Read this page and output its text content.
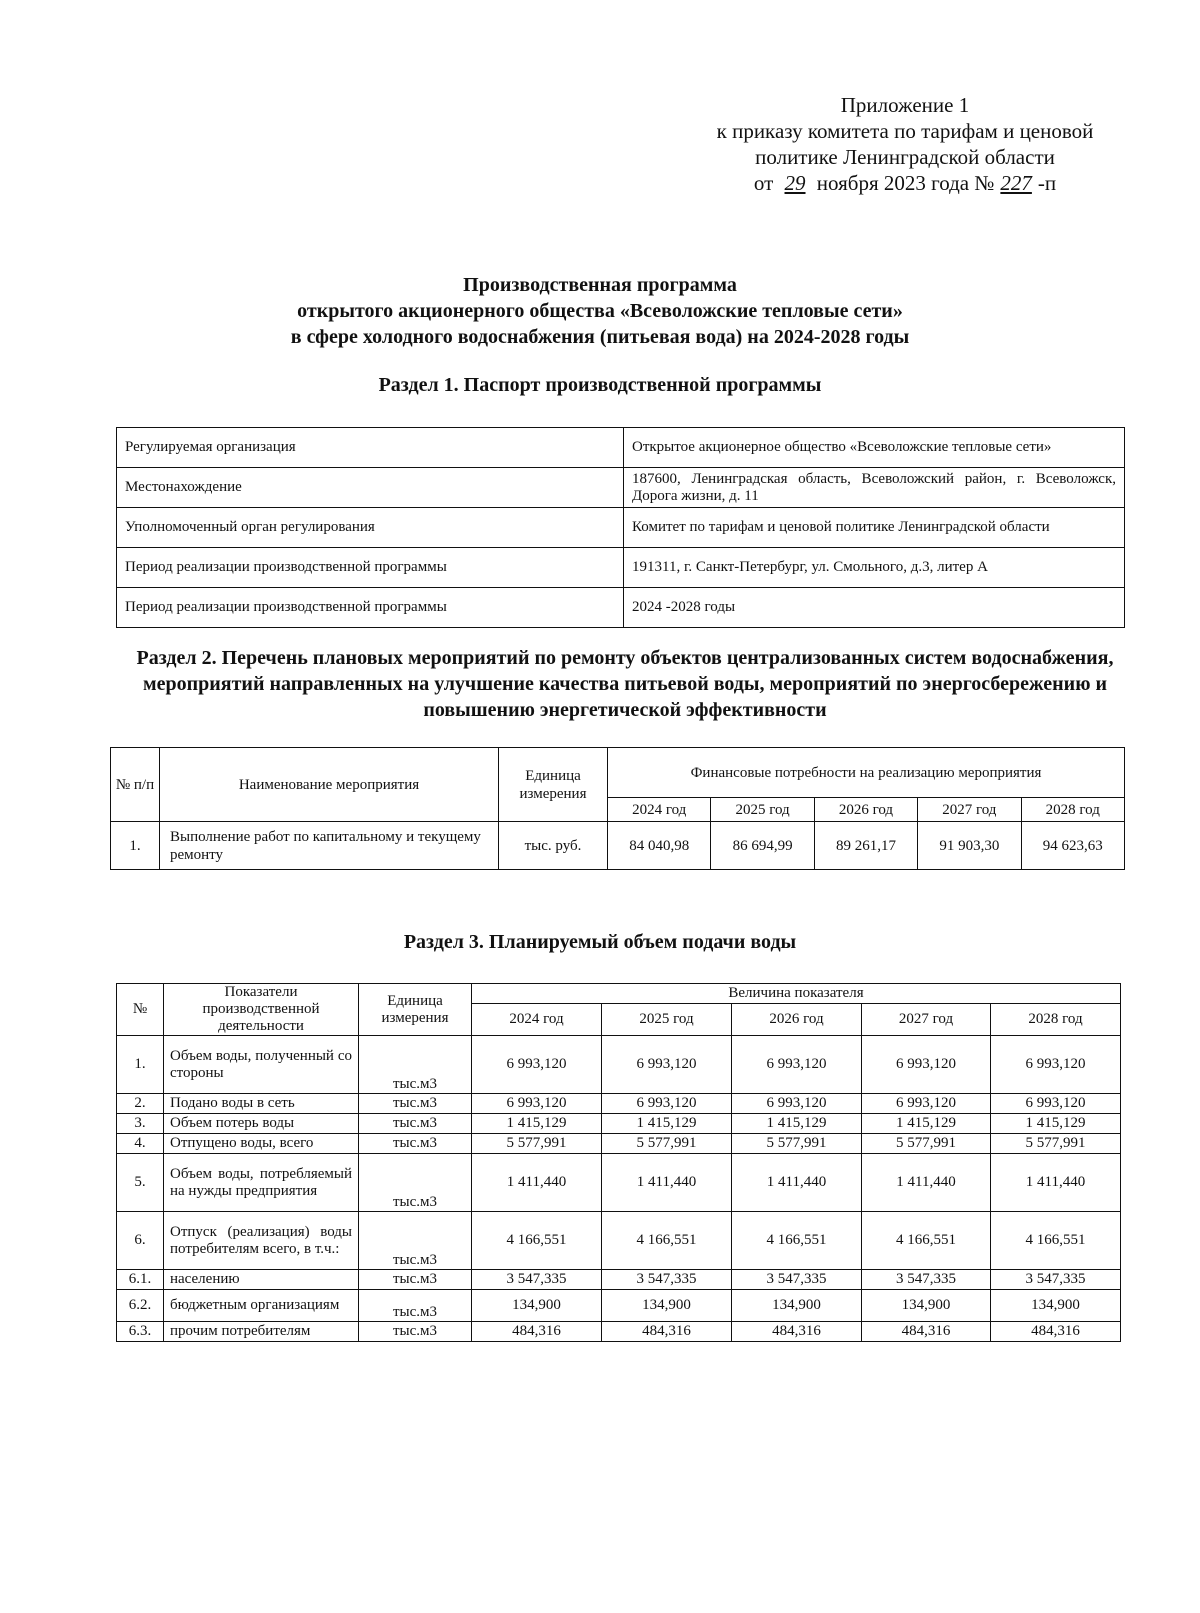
Приложение 1
к приказу комитета по тарифам и ценовой
политике Ленинградской области
от 29 ноября 2023 года № 227 -п
Производственная программа
открытого акционерного общества «Всеволожские тепловые сети»
в сфере холодного водоснабжения (питьевая вода) на 2024-2028 годы
Раздел 1. Паспорт производственной программы
Регулируемая организация	Открытое акционерное общество «Всеволожские тепловые сети»
Местонахождение	187600, Ленинградская область, Всеволожский район, г. Всеволожск, Дорога жизни, д. 11
Уполномоченный орган регулирования	Комитет по тарифам и ценовой политике Ленинградской области
Период реализации производственной программы	191311, г. Санкт-Петербург, ул. Смольного, д.3, литер А
Период реализации производственной программы	2024 -2028 годы
Раздел 2. Перечень плановых мероприятий по ремонту объектов централизованных систем водоснабжения, мероприятий направленных на улучшение качества питьевой воды, мероприятий по энергосбережению и повышению энергетической эффективности
№ п/п	Наименование мероприятия	Единица измерения	Финансовые потребности на реализацию мероприятия				
			2024 год	2025 год	2026 год	2027 год	2028 год
1.	Выполнение работ по капитальному и текущему ремонту	тыс. руб.	84 040,98	86 694,99	89 261,17	91 903,30	94 623,63
Раздел 3. Планируемый объем подачи воды
№	Показатели производственной деятельности	Единица измерения	Величина показателя				
			2024 год	2025 год	2026 год	2027 год	2028 год
1.	Объем воды, полученный со стороны	тыс.м3	6 993,120	6 993,120	6 993,120	6 993,120	6 993,120
2.	Подано воды в сеть	тыс.м3	6 993,120	6 993,120	6 993,120	6 993,120	6 993,120
3.	Объем потерь воды	тыс.м3	1 415,129	1 415,129	1 415,129	1 415,129	1 415,129
4.	Отпущено воды, всего	тыс.м3	5 577,991	5 577,991	5 577,991	5 577,991	5 577,991
5.	Объем воды, потребляемый на нужды предприятия	тыс.м3	1 411,440	1 411,440	1 411,440	1 411,440	1 411,440
6.	Отпуск (реализация) воды потребителям всего, в т.ч.:	тыс.м3	4 166,551	4 166,551	4 166,551	4 166,551	4 166,551
6.1.	населению	тыс.м3	3 547,335	3 547,335	3 547,335	3 547,335	3 547,335
6.2.	бюджетным организациям	тыс.м3	134,900	134,900	134,900	134,900	134,900
6.3.	прочим потребителям	тыс.м3	484,316	484,316	484,316	484,316	484,316
